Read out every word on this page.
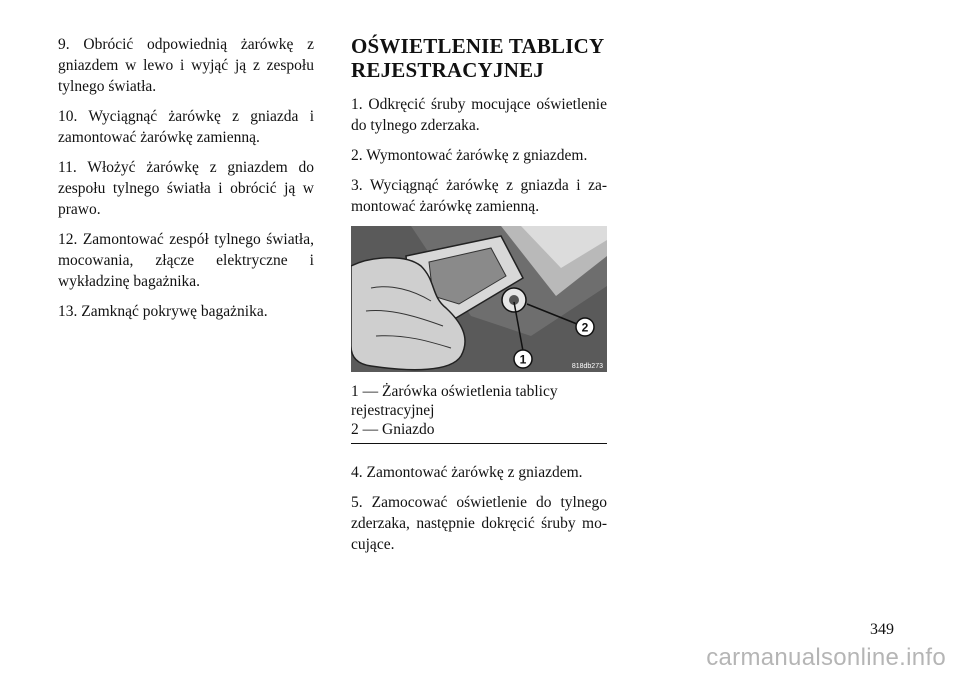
9. Obrócić odpowiednią żarówkę z gniazdem w lewo i wyjąć ją z zespołu tylnego światła.

10. Wyciągnąć żarówkę z gniazda i zamontować żarówkę zamienną.

11. Włożyć żarówkę z gniazdem do zespołu tylnego światła i obrócić ją w prawo.

12. Zamontować zespół tylnego światła, mocowania, złącze elektryczne i wykładzinę bagażnika.

13. Zamknąć pokrywę bagażnika.

OŚWIETLENIE TABLICY
REJESTRACYJNEJ

1. Odkręcić śruby mocujące oświetlenie do tylnego zderzaka.

2. Wymontować żarówkę z gniazdem.

3. Wyciągnąć żarówkę z gniazda i za-montować żarówkę zamienną.

1
2
818db273
1 — Żarówka oświetlenia tablicy
rejestracyjnej
2 — Gniazdo

4. Zamontować żarówkę z gniazdem.

5. Zamocować oświetlenie do tylnego zderzaka, następnie dokręcić śruby mo-cujące.

349
carmanualsonline.info
